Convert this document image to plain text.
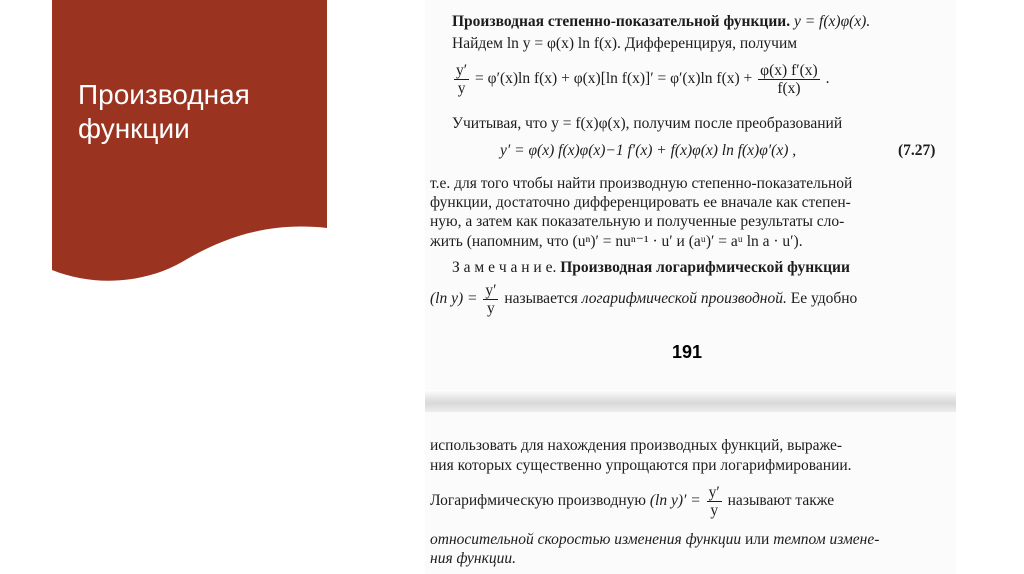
Производная функции
Производная степенно-показательной функции. y = f(x)φ(x).
Найдем ln y = φ(x) ln f(x). Дифференцируя, получим
$\frac{y'}{y} = \varphi'(x)\ln$ f(x) + φ(x)[ln f(x)]′ = φ′(x)ln $f(x) + \frac{\varphi(x) f'(x)}{f(x)}$ .
Учитывая, что y = f(x)φ(x), получим после преобразований
y′ = φ(x) f(x)φ(x)−1 f′(x) + f(x)φ(x) ln f(x)φ′(x) ,	(7.27)
т.е. для того чтобы найти производную степенно-показательной
функции, достаточно дифференцировать ее вначале как степен-
ную, а затем как показательную и полученные результаты сло-
жить (напомним, что (uⁿ)′ = nuⁿ⁻¹ · u′ и (aᵘ)′ = aᵘ ln a · u′).
З а м е ч а н и е. Производная логарифмической функции
(ln $y) = \frac{y'}{y}$ называется логарифмической производной. Ее удобно
191
использовать для нахождения производных функций, выраже-
ния которых существенно упрощаются при логарифмировании.
Логарифмическую производную (ln $y)' = \frac{y'}{y}$ называют также
относительной скоростью изменения функции или темпом измене-
ния функции.
